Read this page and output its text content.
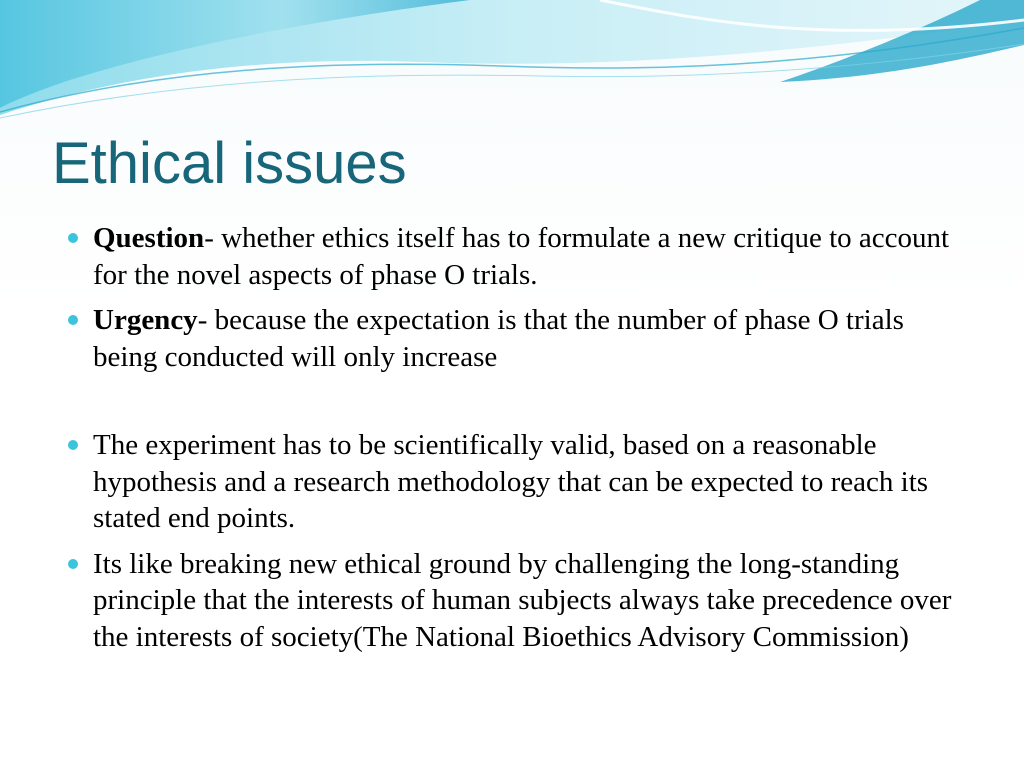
Ethical issues
Question- whether ethics itself has to formulate a new critique to account for the novel aspects of phase O trials.
Urgency- because the expectation is that the number of phase O trials being conducted will only increase
The experiment has to be scientifically valid, based on a reasonable hypothesis and a research methodology that can be expected to reach its stated end points.
Its like breaking new ethical ground by challenging the long-standing principle that the interests of human subjects always take precedence over the interests of society(The National Bioethics Advisory Commission)
